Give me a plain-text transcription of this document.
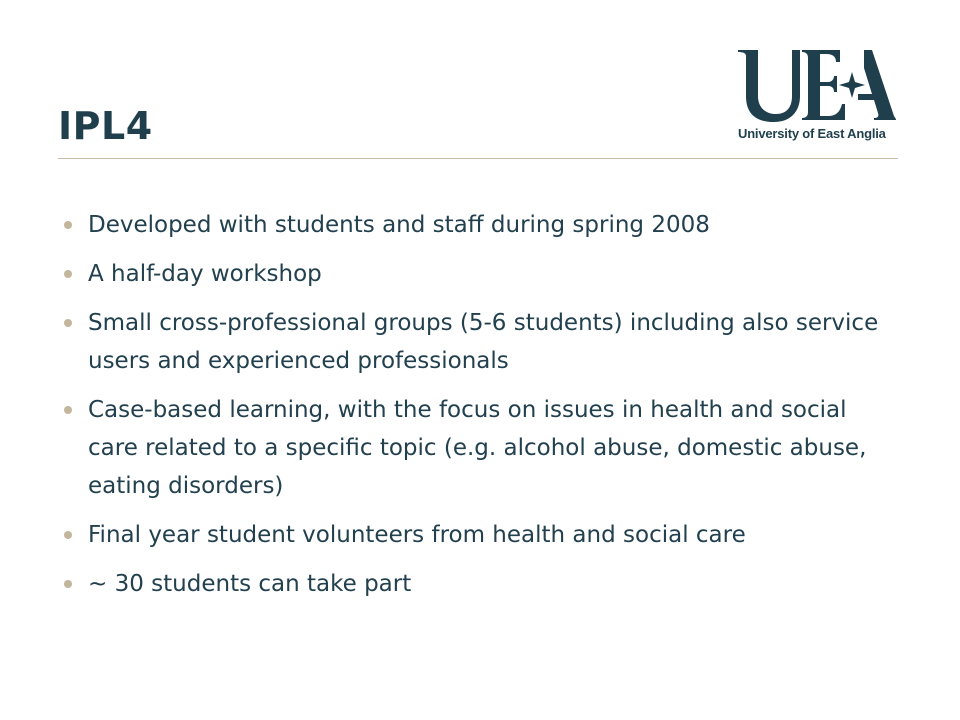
IPL4	University of East Anglia
Developed with students and staff during spring 2008
A half-day workshop
Small cross-professional groups (5-6 students) including also service users and experienced professionals
Case-based learning, with the focus on issues in health and social care related to a specific topic (e.g. alcohol abuse, domestic abuse, eating disorders)
Final year student volunteers from health and social care
~ 30 students can take part
